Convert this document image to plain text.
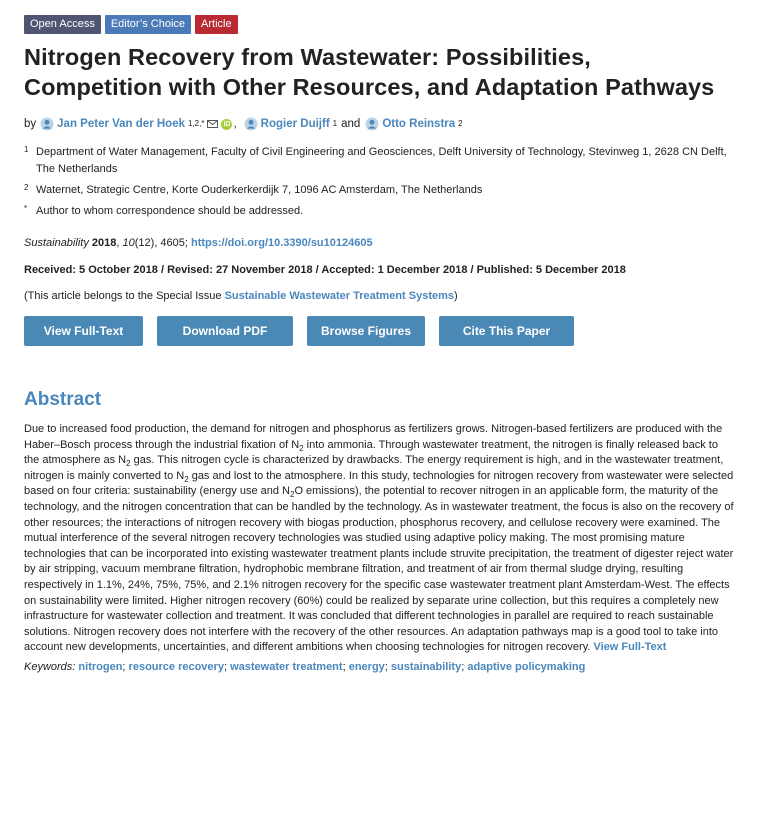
Open Access	Editor’s Choice	Article
Nitrogen Recovery from Wastewater: Possibilities, Competition with Other Resources, and Adaptation Pathways
by Jan Peter Van der Hoek 1,2,*	iD , Rogier Duijff 1 and Otto Reinstra 2
1 Department of Water Management, Faculty of Civil Engineering and Geosciences, Delft University of Technology, Stevinweg 1, 2628 CN Delft, The Netherlands
2 Waternet, Strategic Centre, Korte Ouderkerkerdijk 7, 1096 AC Amsterdam, The Netherlands
* Author to whom correspondence should be addressed.
Sustainability 2018, 10(12), 4605; https://doi.org/10.3390/su10124605
Received: 5 October 2018 / Revised: 27 November 2018 / Accepted: 1 December 2018 / Published: 5 December 2018
(This article belongs to the Special Issue Sustainable Wastewater Treatment Systems)
View Full-Text	Download PDF	Browse Figures	Cite This Paper
Abstract
Due to increased food production, the demand for nitrogen and phosphorus as fertilizers grows. Nitrogen-based fertilizers are produced with the Haber–Bosch process through the industrial fixation of $N_2$ into ammonia. Through wastewater treatment, the nitrogen is finally released back to the atmosphere as $N_2$ gas. This nitrogen cycle is characterized by drawbacks. The energy requirement is high, and in the wastewater treatment, nitrogen is mainly converted to $N_2$ gas and lost to the atmosphere. In this study, technologies for nitrogen recovery from wastewater were selected based on four criteria: sustainability (energy use and $N_2O$ emissions), the potential to recover nitrogen in an applicable form, the maturity of the technology, and the nitrogen concentration that can be handled by the technology. As in wastewater treatment, the focus is also on the recovery of other resources; the interactions of nitrogen recovery with biogas production, phosphorus recovery, and cellulose recovery were examined. The mutual interference of the several nitrogen recovery technologies was studied using adaptive policy making. The most promising mature technologies that can be incorporated into existing wastewater treatment plants include struvite precipitation, the treatment of digester reject water by air stripping, vacuum membrane filtration, hydrophobic membrane filtration, and treatment of air from thermal sludge drying, resulting respectively in 1.1%, 24%, 75%, 75%, and 2.1% nitrogen recovery for the specific case wastewater treatment plant Amsterdam-West. The effects on sustainability were limited. Higher nitrogen recovery (60%) could be realized by separate urine collection, but this requires a completely new infrastructure for wastewater collection and treatment. It was concluded that different technologies in parallel are required to reach sustainable solutions. Nitrogen recovery does not interfere with the recovery of the other resources. An adaptation pathways map is a good tool to take into account new developments, uncertainties, and different ambitions when choosing technologies for nitrogen recovery. View Full-Text
Keywords: nitrogen; resource recovery; wastewater treatment; energy; sustainability; adaptive policymaking
